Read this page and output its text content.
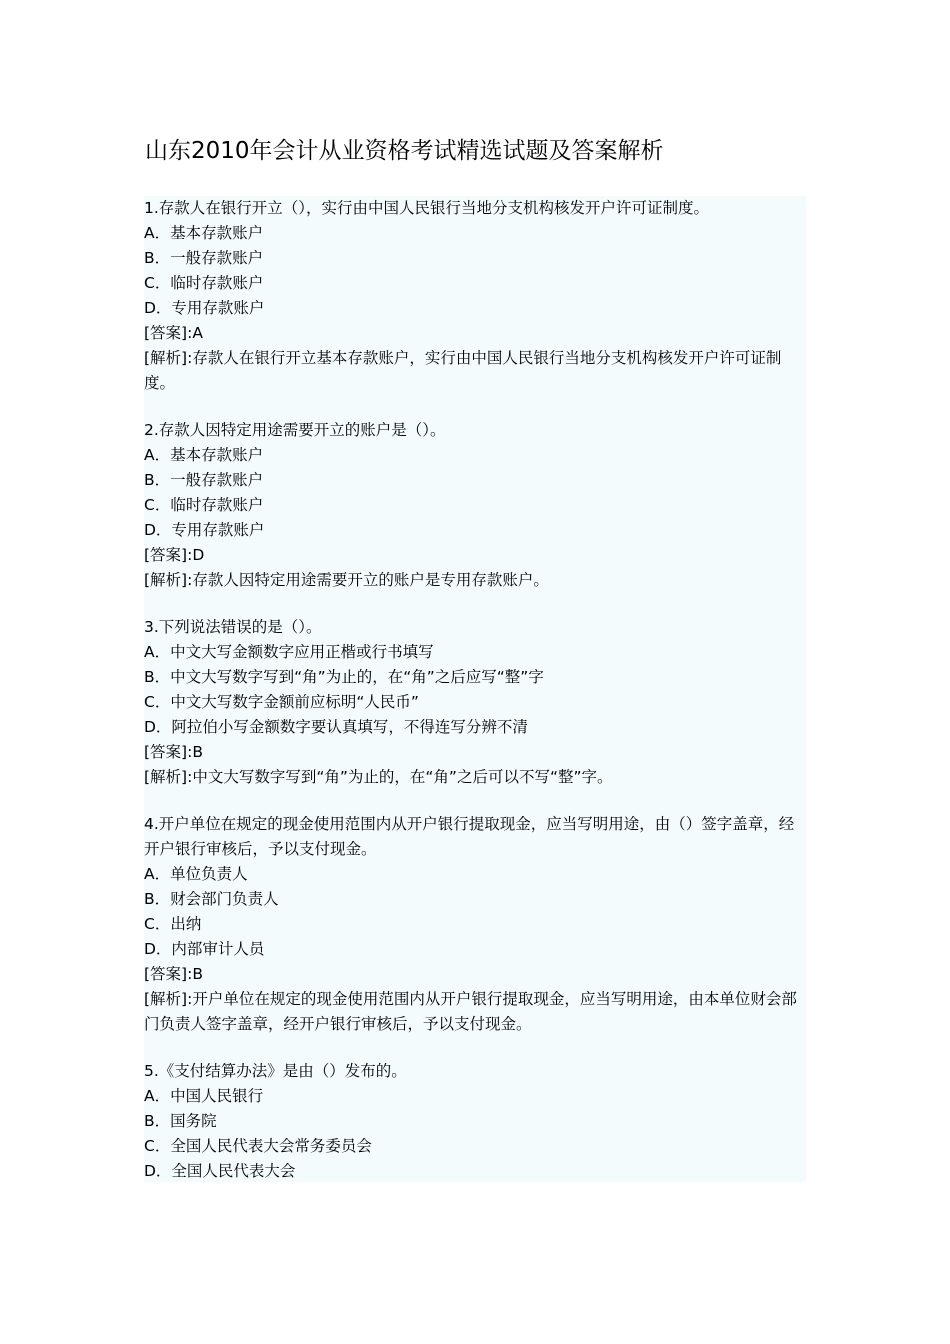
山东2010年会计从业资格考试精选试题及答案解析
1.存款人在银行开立（），实行由中国人民银行当地分支机构核发开户许可证制度。
A．基本存款账户
B．一般存款账户
C．临时存款账户
D．专用存款账户
[答案]:A
[解析]:存款人在银行开立基本存款账户，实行由中国人民银行当地分支机构核发开户许可证制度。
2.存款人因特定用途需要开立的账户是（）。
A．基本存款账户
B．一般存款账户
C．临时存款账户
D．专用存款账户
[答案]:D
[解析]:存款人因特定用途需要开立的账户是专用存款账户。
3.下列说法错误的是（）。
A．中文大写金额数字应用正楷或行书填写
B．中文大写数字写到“角”为止的，在“角”之后应写“整”字
C．中文大写数字金额前应标明“人民币”
D．阿拉伯小写金额数字要认真填写，不得连写分辨不清
[答案]:B
[解析]:中文大写数字写到“角”为止的，在“角”之后可以不写“整”字。
4.开户单位在规定的现金使用范围内从开户银行提取现金，应当写明用途，由（）签字盖章，经开户银行审核后，予以支付现金。
A．单位负责人
B．财会部门负责人
C．出纳
D．内部审计人员
[答案]:B
[解析]:开户单位在规定的现金使用范围内从开户银行提取现金，应当写明用途，由本单位财会部门负责人签字盖章，经开户银行审核后，予以支付现金。
5.《支付结算办法》是由（）发布的。
A．中国人民银行
B．国务院
C．全国人民代表大会常务委员会
D．全国人民代表大会
